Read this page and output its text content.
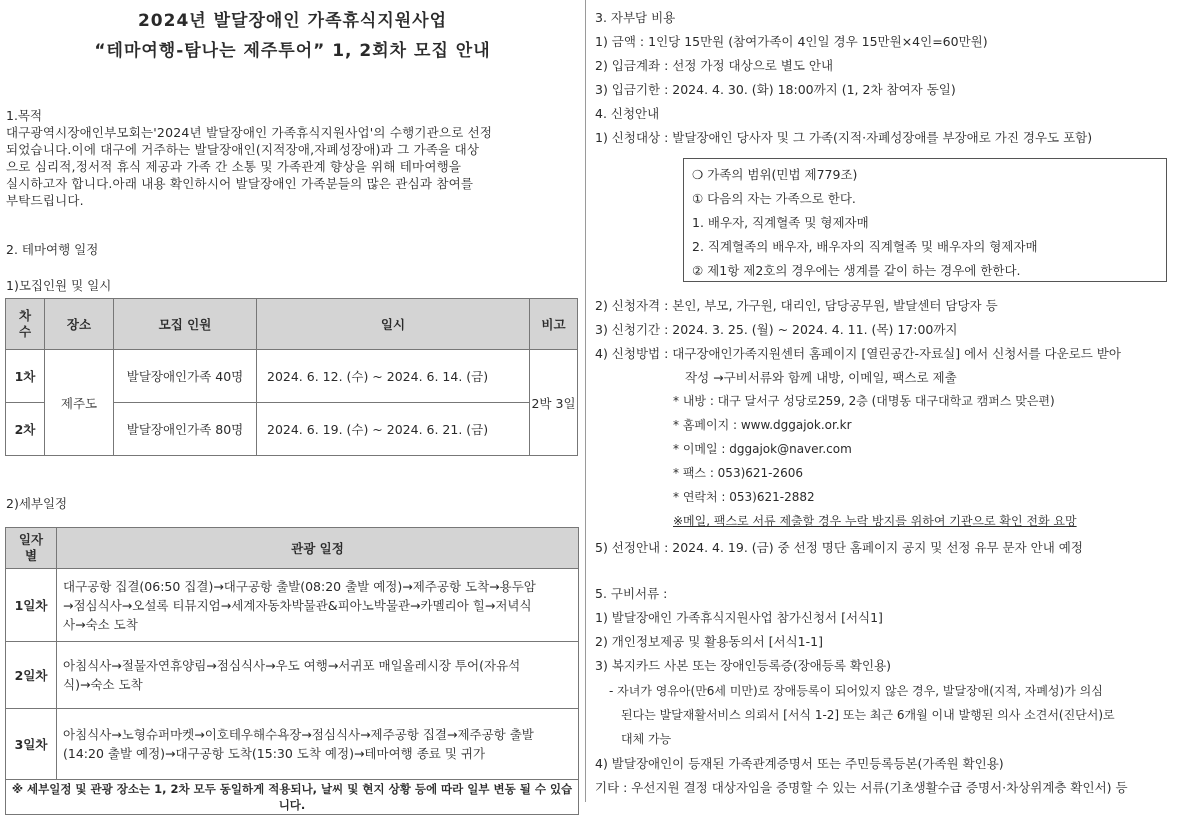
2024년 발달장애인 가족휴식지원사업
“테마여행-탐나는 제주투어” 1, 2회차 모집 안내
1.목적
대구광역시장애인부모회는'2024년 발달장애인 가족휴식지원사업'의 수행기관으로 선정
되었습니다.이에 대구에 거주하는 발달장애인(지적장애,자폐성장애)과 그 가족을 대상
으로 심리적,정서적 휴식 제공과 가족 간 소통 및 가족관계 향상을 위해 테마여행을
실시하고자 합니다.아래 내용 확인하시어 발달장애인 가족분들의 많은 관심과 참여를
부탁드립니다.
2. 테마여행 일정
1)모집인원 및 일시
차
수	장소	모집 인원	일시	비고
1차	제주도	발달장애인가족 40명	2024. 6. 12. (수) ~ 2024. 6. 14. (금)	2박 3일
2차		발달장애인가족 80명	2024. 6. 19. (수) ~ 2024. 6. 21. (금)	
2)세부일정
일자
별	관광 일정
1일차	대구공항 집결(06:50 집결)→대구공항 출발(08:20 출발 예정)→제주공항 도착→용두암
→점심식사→오설록 티뮤지엄→세계자동차박물관&피아노박물관→카멜리아 힐→저녁식
사→숙소 도착

2일차	아침식사→절물자연휴양림→점심식사→우도 여행→서귀포 매일올레시장 투어(자유석
식)→숙소 도착

3일차	아침식사→노형슈퍼마켓→이호테우해수욕장→점심식사→제주공항 집결→제주공항 출발
(14:20 출발 예정)→대구공항 도착(15:30 도착 예정)→테마여행 종료 및 귀가

※ 세부일정 및 관광 장소는 1, 2차 모두 동일하게 적용되나, 날씨 및 현지 상황 등에 따라 일부 변동 될 수 있습니다.	
3. 자부담 비용
1) 금액 : 1인당 15만원 (참여가족이 4인일 경우 15만원×4인=60만원)
2) 입금계좌 : 선정 가정 대상으로 별도 안내
3) 입금기한 : 2024. 4. 30. (화) 18:00까지 (1, 2차 참여자 동일)
4. 신청안내
1) 신청대상 : 발달장애인 당사자 및 그 가족(지적·자폐성장애를 부장애로 가진 경우도 포함)
❍ 가족의 범위(민법 제779조)
① 다음의 자는 가족으로 한다.
1. 배우자, 직계혈족 및 형제자매
2. 직계혈족의 배우자, 배우자의 직계혈족 및 배우자의 형제자매
② 제1항 제2호의 경우에는 생계를 같이 하는 경우에 한한다.
2) 신청자격 : 본인, 부모, 가구원, 대리인, 담당공무원, 발달센터 담당자 등
3) 신청기간 : 2024. 3. 25. (월) ~ 2024. 4. 11. (목) 17:00까지
4) 신청방법 : 대구장애인가족지원센터 홈페이지 [열린공간-자료실] 에서 신청서를 다운로드 받아
작성 →구비서류와 함께 내방, 이메일, 팩스로 제출
* 내방 : 대구 달서구 성당로259, 2층 (대명동 대구대학교 캠퍼스 맞은편)
* 홈페이지 : www.dggajok.or.kr
* 이메일 : dggajok@naver.com
* 팩스 : 053)621-2606
* 연락처 : 053)621-2882
※메일, 팩스로 서류 제출할 경우 누락 방지를 위하여 기관으로 확인 전화 요망
5) 선정안내 : 2024. 4. 19. (금) 중 선정 명단 홈페이지 공지 및 선정 유무 문자 안내 예정
5. 구비서류 :
1) 발달장애인 가족휴식지원사업 참가신청서 [서식1]
2) 개인정보제공 및 활용동의서 [서식1-1]
3) 복지카드 사본 또는 장애인등록증(장애등록 확인용)
- 자녀가 영유아(만6세 미만)로 장애등록이 되어있지 않은 경우, 발달장애(지적, 자폐성)가 의심
된다는 발달재활서비스 의뢰서 [서식 1-2] 또는 최근 6개월 이내 발행된 의사 소견서(진단서)로
대체 가능
4) 발달장애인이 등재된 가족관계증명서 또는 주민등록등본(가족원 확인용)
기타 : 우선지원 결정 대상자임을 증명할 수 있는 서류(기초생활수급 증명서·차상위계층 확인서) 등
